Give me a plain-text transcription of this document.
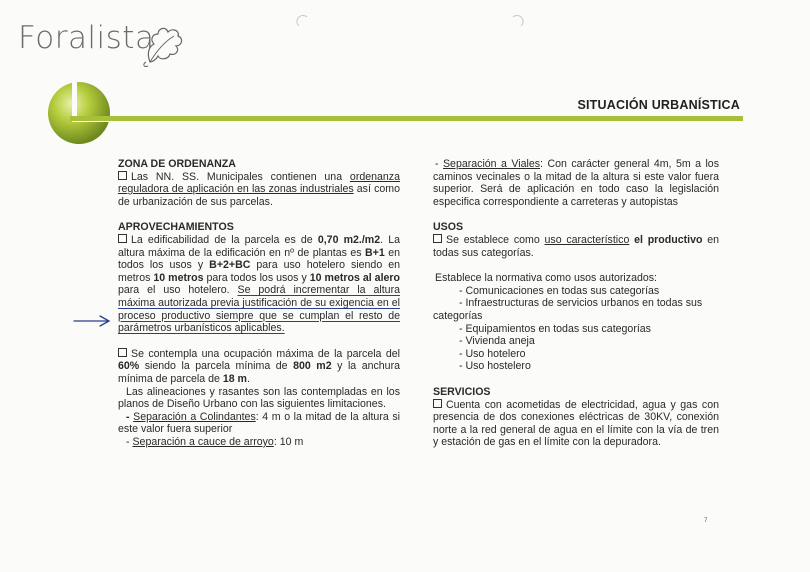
Foralista
SITUACIÓN URBANÍSTICA
ZONA DE ORDENANZA

Las NN. SS. Municipales contienen una ordenanza reguladora de aplicación en las zonas industriales así como de urbanización de sus parcelas.

APROVECHAMIENTOS

La edificabilidad de la parcela es de 0,70 m2./m2. La altura máxima de la edificación en nº de plantas es B+1 en todos los usos y B+2+BC para uso hotelero siendo en metros 10 metros para todos los usos y 10 metros al alero para el uso hotelero. Se podrá incrementar la altura máxima autorizada previa justificación de su exigencia en el proceso productivo siempre que se cumplan el resto de parámetros urbanísticos aplicables.

Se contempla una ocupación máxima de la parcela del 60% siendo la parcela mínima de 800 m2 y la anchura mínima de parcela de 18 m.

Las alineaciones y rasantes son las contempladas en los planos de Diseño Urbano con las siguientes limitaciones.

- Separación a Colindantes: 4 m o la mitad de la altura si este valor fuera superior

- Separación a cauce de arroyo: 10 m

- Separación a Viales: Con carácter general 4m, 5m a los caminos vecinales o la mitad de la altura si este valor fuera superior. Será de aplicación en todo caso la legislación especifica correspondiente a carreteras y autopistas

USOS

Se establece como uso característico el productivo en todas sus categorías.

Establece la normativa como usos autorizados:

- Comunicaciones en todas sus categorías
- Infraestructuras de servicios urbanos en todas sus
categorías
- Equipamientos en todas sus categorías
- Vivienda aneja
- Uso hotelero
- Uso hostelero
SERVICIOS

Cuenta con acometidas de electricidad, agua y gas con presencia de dos conexiones eléctricas de 30KV, conexión norte a la red general de agua en el límite con la vía de tren y estación de gas en el límite con la depuradora.

7
